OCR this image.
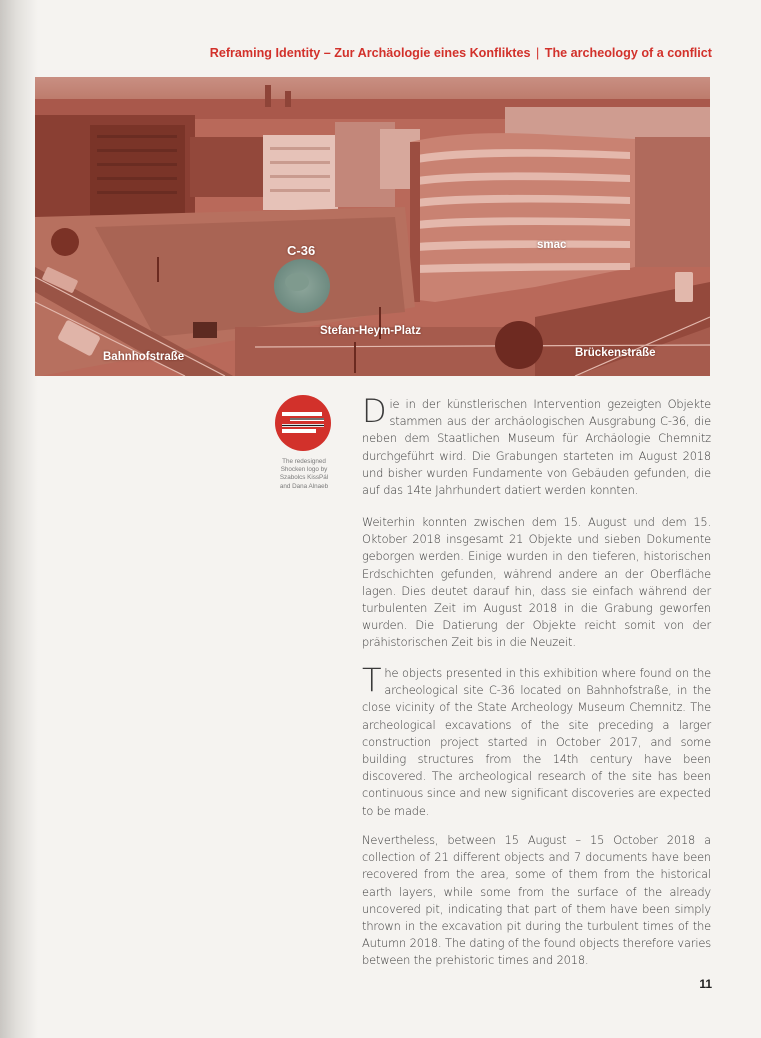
Reframing Identity – Zur Archäologie eines Konfliktes | The archeology of a conflict
C-36	smac
Stefan-Heym-Platz
Bahnhofstraße	Brückenstraße
The redesigned
Shocken logo by
Szabolcs KissPál
and Dana Alnaeb
Die in der künstlerischen Intervention gezeigten Objekte stammen aus der archäologischen Ausgrabung C-36, die neben dem Staatlichen Museum für Archäologie Chemnitz durchgeführt wird. Die Grabungen starteten im August 2018 und bisher wurden Fundamente von Gebäuden gefunden, die auf das 14te Jahrhundert datiert werden konnten.
Weiterhin konnten zwischen dem 15. August und dem 15. Oktober 2018 insgesamt 21 Objekte und sieben Dokumente geborgen werden. Einige wurden in den tieferen, historischen Erdschichten gefunden, während andere an der Oberfläche lagen. Dies deutet darauf hin, dass sie einfach während der turbulenten Zeit im August 2018 in die Grabung geworfen wurden. Die Datierung der Objekte reicht somit von der prähistorischen Zeit bis in die Neuzeit.
The objects presented in this exhibition where found on the archeological site C-36 located on Bahnhofstraße, in the close vicinity of the State Archeology Museum Chemnitz. The archeological excavations of the site preceding a larger construction project started in October 2017, and some building structures from the 14th century have been discovered. The archeological research of the site has been continuous since and new significant discoveries are expected to be made.
Nevertheless, between 15 August – 15 October 2018 a collection of 21 different objects and 7 documents have been recovered from the area, some of them from the historical earth layers, while some from the surface of the already uncovered pit, indicating that part of them have been simply thrown in the excavation pit during the turbulent times of the Autumn 2018. The dating of the found objects therefore varies between the prehistoric times and 2018.
11
